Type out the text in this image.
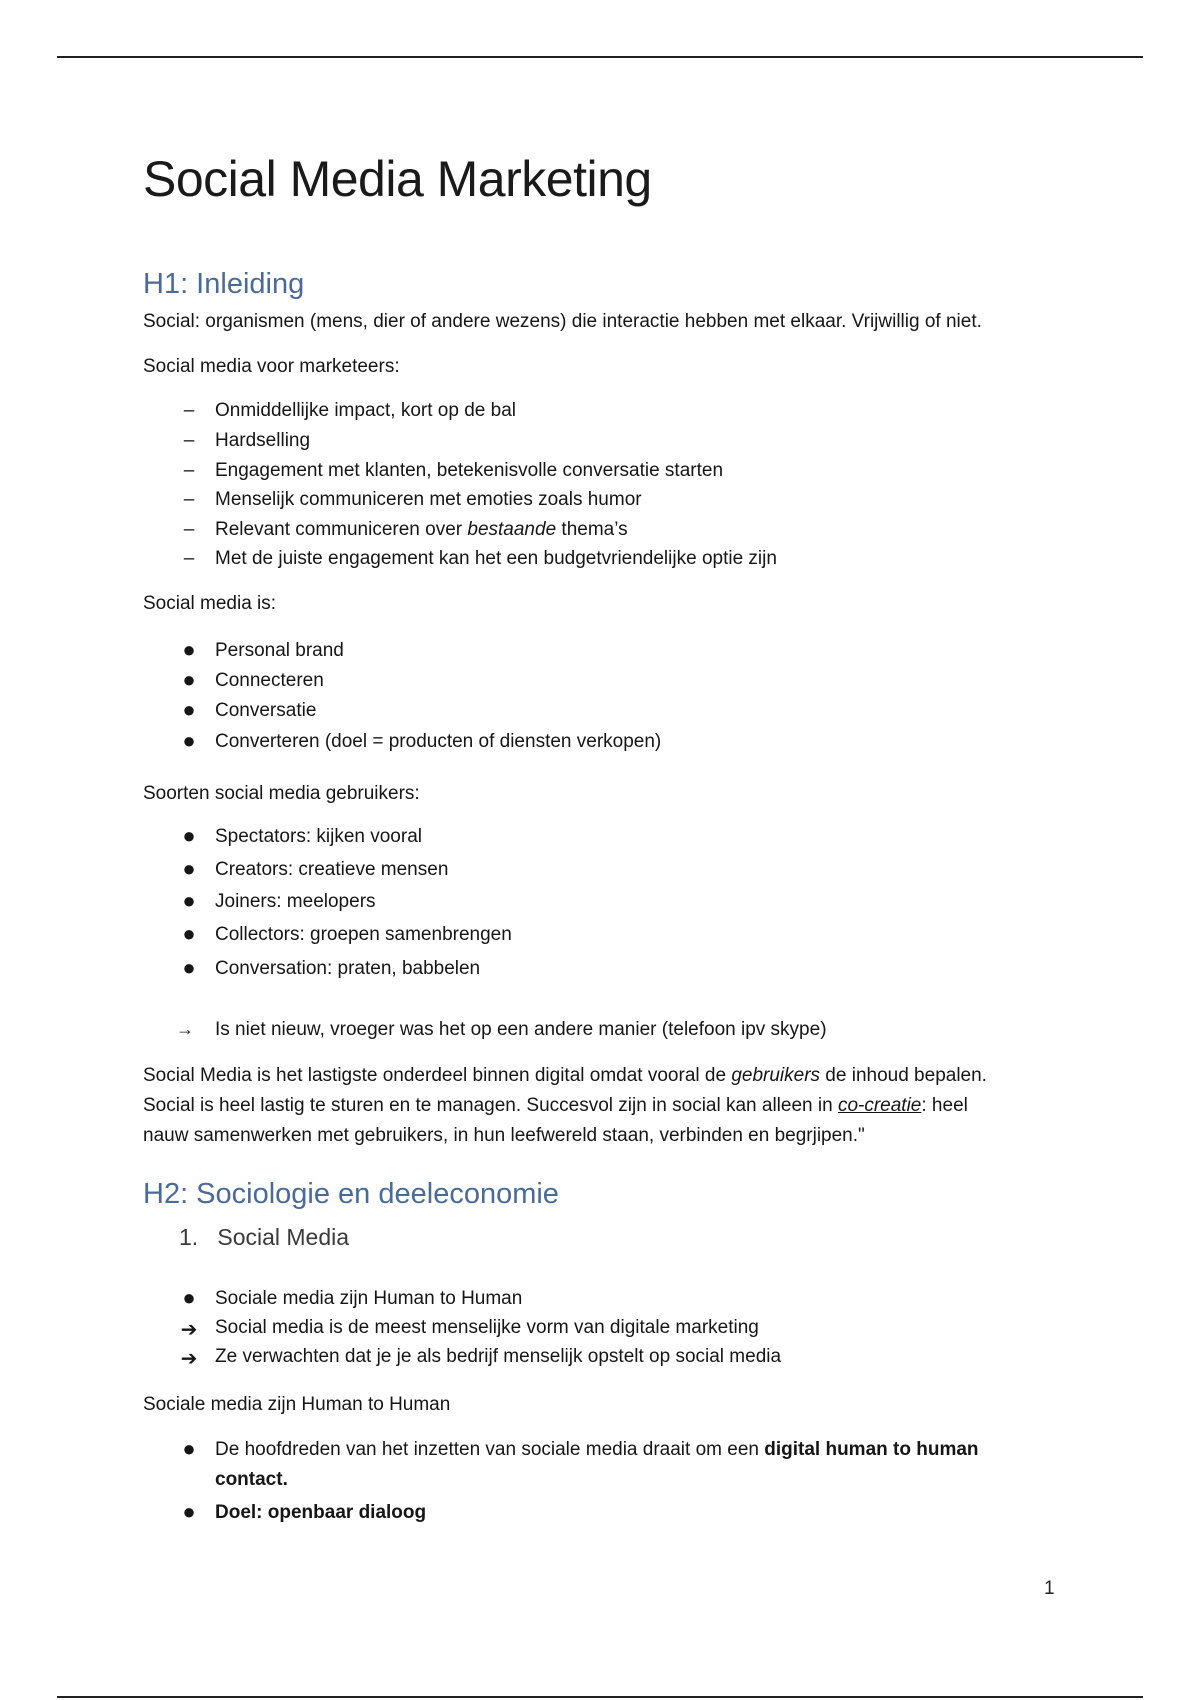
Social Media Marketing
H1: Inleiding
Social: organismen (mens, dier of andere wezens) die interactie hebben met elkaar. Vrijwillig of niet.
Social media voor marketeers:
– Onmiddellijke impact, kort op de bal
– Hardselling
– Engagement met klanten, betekenisvolle conversatie starten
– Menselijk communiceren met emoties zoals humor
– Relevant communiceren over bestaande thema’s
– Met de juiste engagement kan het een budgetvriendelijke optie zijn
Social media is:
● Personal brand
● Connecteren
● Conversatie
● Converteren (doel = producten of diensten verkopen)
Soorten social media gebruikers:
● Spectators: kijken vooral
● Creators: creatieve mensen
● Joiners: meelopers
● Collectors: groepen samenbrengen
● Conversation: praten, babbelen
→ Is niet nieuw, vroeger was het op een andere manier (telefoon ipv skype)
Social Media is het lastigste onderdeel binnen digital omdat vooral de gebruikers de inhoud bepalen.
Social is heel lastig te sturen en te managen. Succesvol zijn in social kan alleen in co-creatie: heel
nauw samenwerken met gebruikers, in hun leefwereld staan, verbinden en begrjipen."
H2: Sociologie en deeleconomie
1. Social Media
● Sociale media zijn Human to Human
➔ Social media is de meest menselijke vorm van digitale marketing
➔ Ze verwachten dat je je als bedrijf menselijk opstelt op social media
Sociale media zijn Human to Human
● De hoofdreden van het inzetten van sociale media draait om een digital human to human
contact.
● Doel: openbaar dialoog
1
